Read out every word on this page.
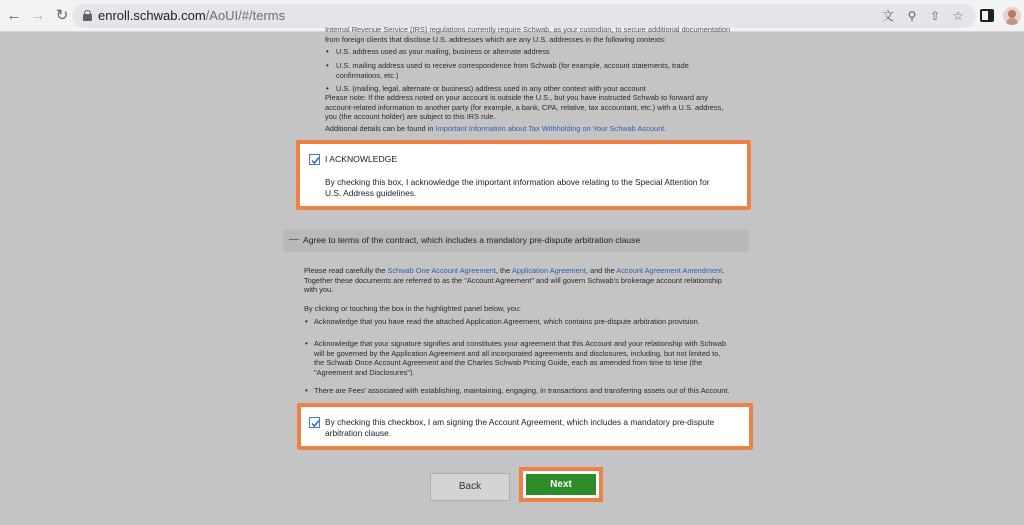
← → ↻ enroll.schwab.com/AoUI/#/terms	文 ⚲	⇧ ☆
Internal Revenue Service (IRS) regulations currently require Schwab, as your custodian, to secure additional documentation
from foreign clients that disclose U.S. addresses which are any U.S. addresses in the following contexts:
• U.S. address used as your mailing, business or alternate address
• U.S. mailing address used to receive correspondence from Schwab (for example, account statements, trade
confirmations, etc.)
• U.S. (mailing, legal, alternate or business) address used in any other context with your account
Please note: If the address noted on your account is outside the U.S., but you have instructed Schwab to forward any
account-related information to another party (for example, a bank, CPA, relative, tax accountant, etc.) with a U.S. address,
you (the account holder) are subject to this IRS rule.
Additional details can be found in Important Information about Tax Withholding on Your Schwab Account.
I ACKNOWLEDGE
By checking this box, I acknowledge the important information above relating to the Special Attention for
U.S. Address guidelines.
— Agree to terms of the contract, which includes a mandatory pre-dispute arbitration clause
Please read carefully the Schwab One Account Agreement, the Application Agreement, and the Account Agreement Amendment.
Together these documents are referred to as the "Account Agreement" and will govern Schwab's brokerage account relationship
with you.
By clicking or touching the box in the highlighted panel below, you:
• Acknowledge that you have read the attached Application Agreement, which contains pre-dispute arbitration provision.
• Acknowledge that your signature signifies and constitutes your agreement that this Account and your relationship with Schwab
will be governed by the Application Agreement and all incorporated agreements and disclosures, including, but not limited to,
the Schwab Once Account Agreement and the Charles Schwab Pricing Guide, each as amended from time to time (the
"Agreement and Disclosures").
• There are Fees' associated with establishing, maintaining, engaging, in transactions and transferring assets out of this Account.
By checking this checkbox, I am signing the Account Agreement, which includes a mandatory pre-dispute
arbitration clause.
Back	Next
